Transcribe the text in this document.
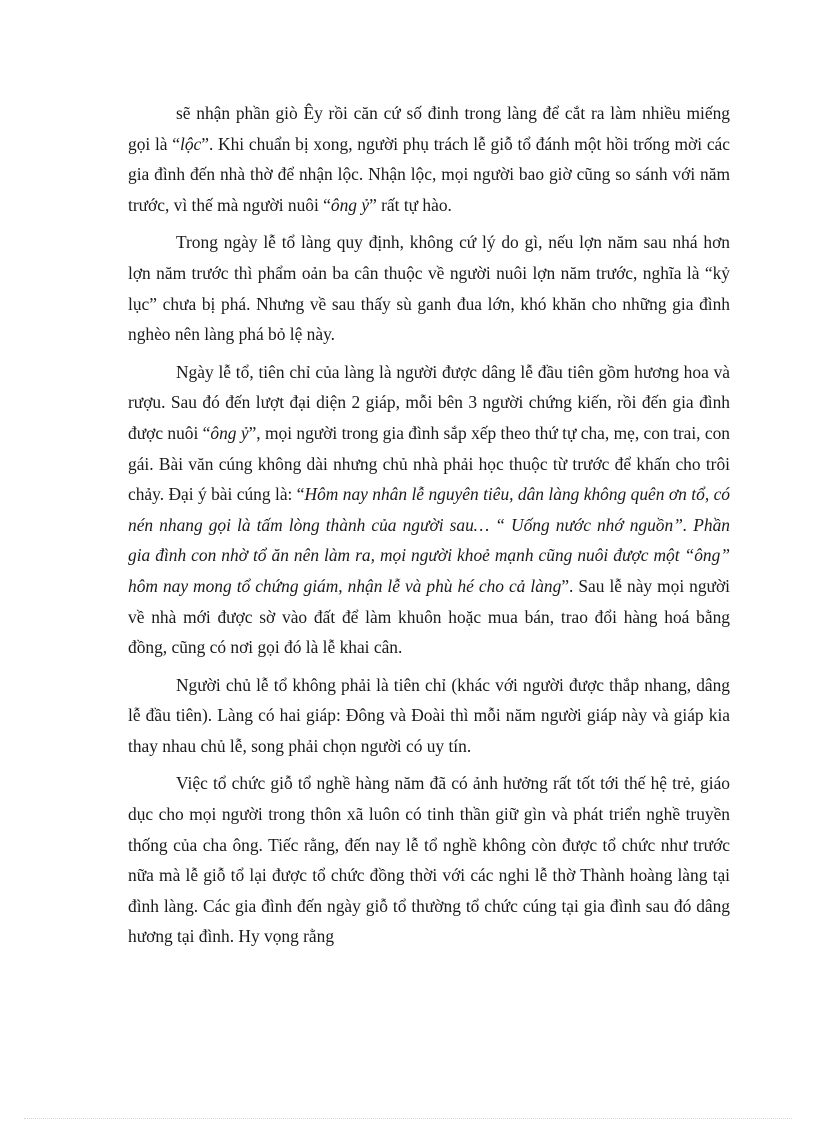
sẽ nhận phần giò Êy rồi căn cứ số đinh trong làng để cắt ra làm nhiều miếng gọi là “lộc”. Khi chuẩn bị xong, người phụ trách lễ giỗ tổ đánh một hồi trống mời các gia đình đến nhà thờ để nhận lộc. Nhận lộc, mọi người bao giờ cũng so sánh với năm trước, vì thế mà người nuôi “ông ỷ” rất tự hào.

Trong ngày lễ tổ làng quy định, không cứ lý do gì, nếu lợn năm sau nhá hơn lợn năm trước thì phẩm oản ba cân thuộc về người nuôi lợn năm trước, nghĩa là “kỷ lục” chưa bị phá. Nhưng về sau thấy sù ganh đua lớn, khó khăn cho những gia đình nghèo nên làng phá bỏ lệ này.

Ngày lễ tổ, tiên chỉ của làng là người được dâng lễ đầu tiên gồm hương hoa và rượu. Sau đó đến lượt đại diện 2 giáp, mỗi bên 3 người chứng kiến, rồi đến gia đình được nuôi “ông ỷ”, mọi người trong gia đình sắp xếp theo thứ tự cha, mẹ, con trai, con gái. Bài văn cúng không dài nhưng chủ nhà phải học thuộc từ trước để khấn cho trôi chảy. Đại ý bài cúng là: “Hôm nay nhân lễ nguyên tiêu, dân làng không quên ơn tổ, có nén nhang gọi là tấm lòng thành của người sau… “ Uống nước nhớ nguồn”. Phần gia đình con nhờ tổ ăn nên làm ra, mọi người khoẻ mạnh cũng nuôi được một “ông” hôm nay mong tổ chứng giám, nhận lễ và phù hé cho cả làng”. Sau lễ này mọi người về nhà mới được sờ vào đất để làm khuôn hoặc mua bán, trao đổi hàng hoá bằng đồng, cũng có nơi gọi đó là lễ khai cân.

Người chủ lễ tổ không phải là tiên chỉ (khác với người được thắp nhang, dâng lễ đầu tiên). Làng có hai giáp: Đông và Đoài thì mỗi năm người giáp này và giáp kia thay nhau chủ lễ, song phải chọn người có uy tín.

Việc tổ chức giỗ tổ nghề hàng năm đã có ảnh hưởng rất tốt tới thế hệ trẻ, giáo dục cho mọi người trong thôn xã luôn có tinh thần giữ gìn và phát triển nghề truyền thống của cha ông. Tiếc rằng, đến nay lễ tổ nghề không còn được tổ chức như trước nữa mà lễ giỗ tổ lại được tổ chức đồng thời với các nghi lễ thờ Thành hoàng làng tại đình làng. Các gia đình đến ngày giỗ tổ thường tổ chức cúng tại gia đình sau đó dâng hương tại đình. Hy vọng rằng
